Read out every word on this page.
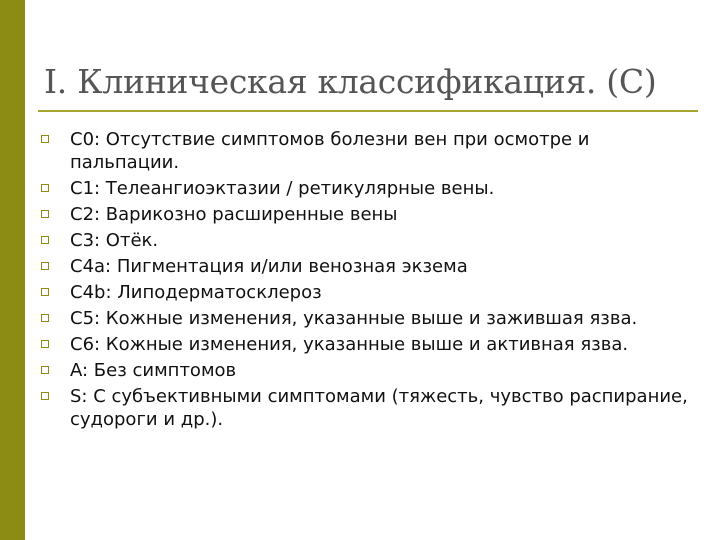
I. Клиническая классификация. (C)
C0: Отсутствие симптомов болезни вен при осмотре и пальпации.
C1: Телеангиоэктазии / ретикулярные вены.
C2: Варикозно расширенные вены
C3: Отёк.
C4a: Пигментация и/или венозная экзема
C4b: Липодерматосклероз
C5: Кожные изменения, указанные выше и зажившая язва.
C6: Кожные изменения, указанные выше и активная язва.
A: Без симптомов
S: С субъективными симптомами (тяжесть, чувство распирание, судороги и др.).
